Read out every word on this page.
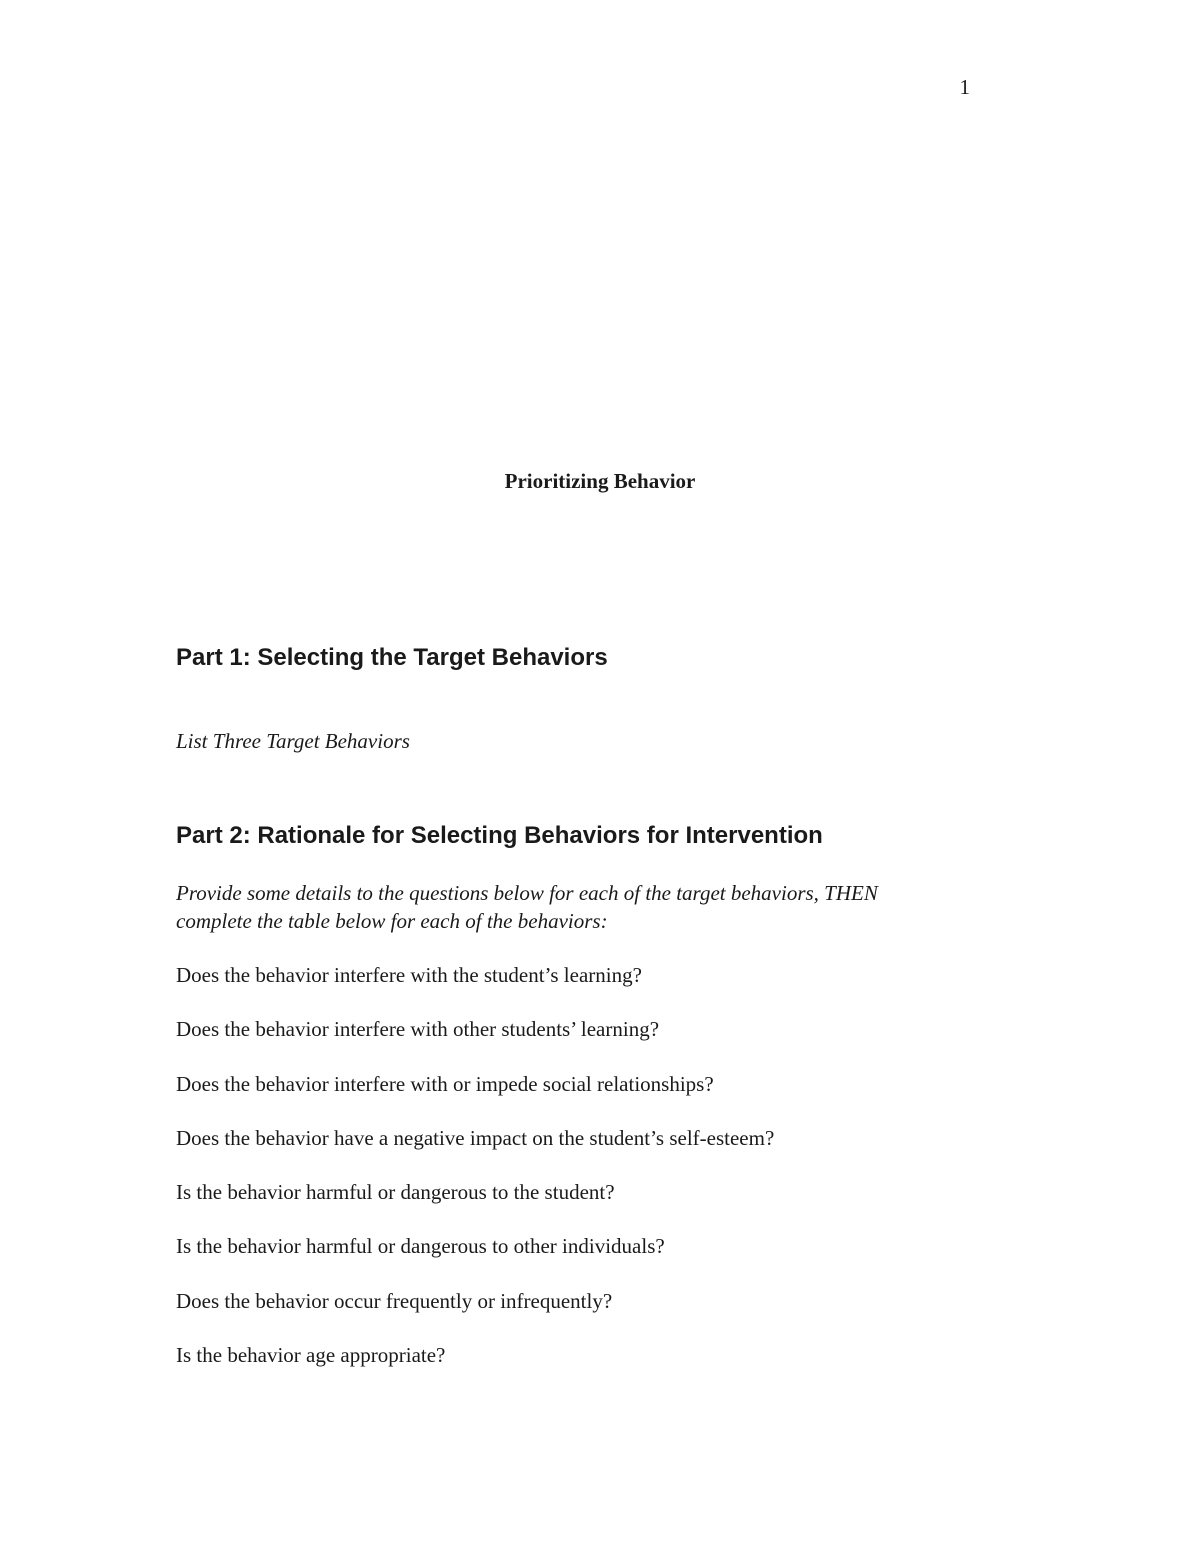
1
Prioritizing Behavior
Part 1: Selecting the Target Behaviors

List Three Target Behaviors

Part 2: Rationale for Selecting Behaviors for Intervention

Provide some details to the questions below for each of the target behaviors, THEN
complete the table below for each of the behaviors:

Does the behavior interfere with the student’s learning?
Does the behavior interfere with other students’ learning?
Does the behavior interfere with or impede social relationships?
Does the behavior have a negative impact on the student’s self-esteem?
Is the behavior harmful or dangerous to the student?
Is the behavior harmful or dangerous to other individuals?
Does the behavior occur frequently or infrequently?
Is the behavior age appropriate?
